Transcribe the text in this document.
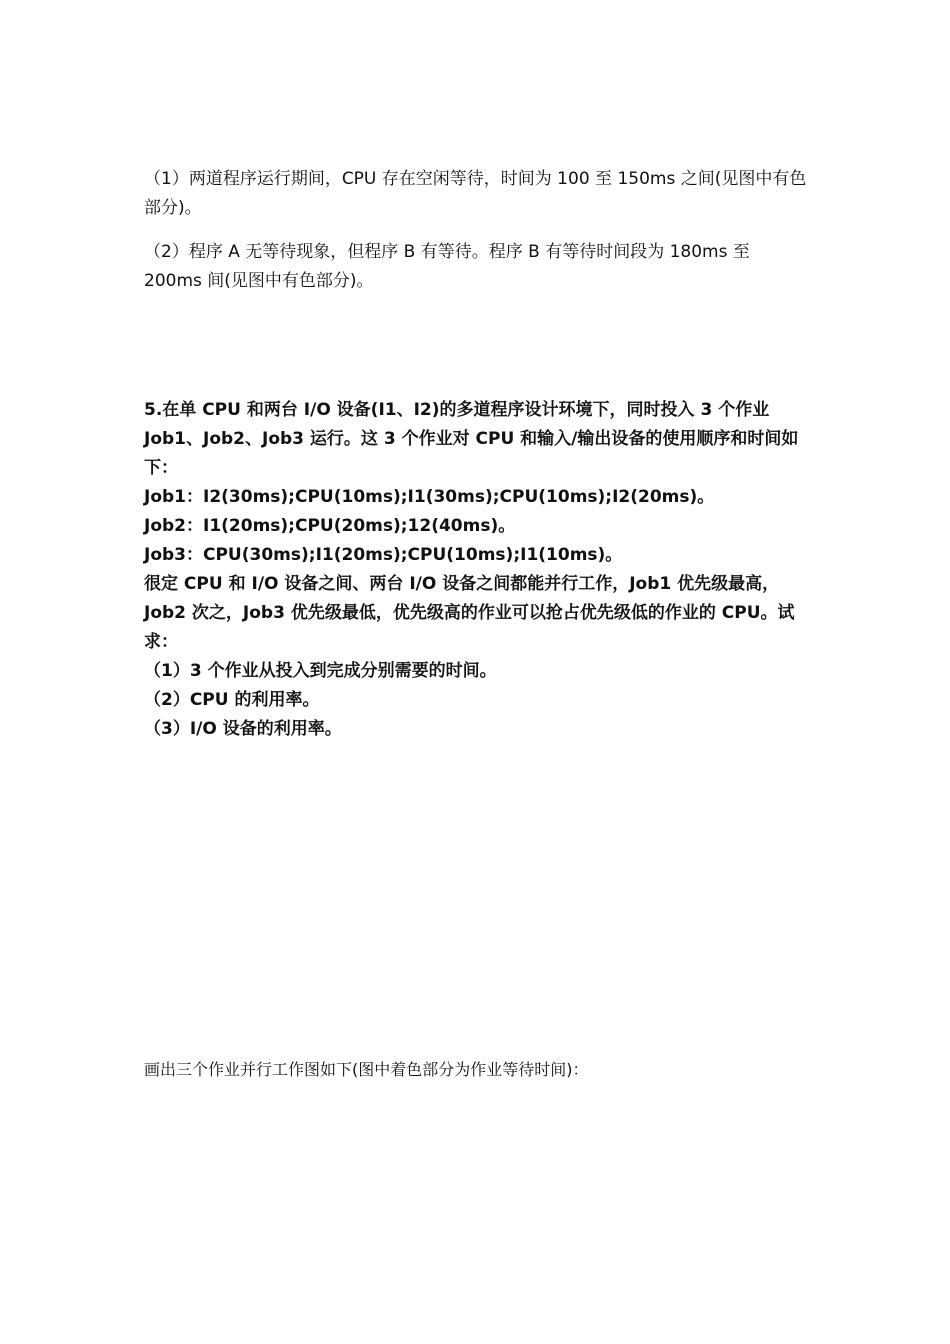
（1）两道程序运行期间，CPU 存在空闲等待，时间为 100 至 150ms 之间(见图中有色部分)。

（2）程序 A 无等待现象，但程序 B 有等待。程序 B 有等待时间段为 180ms 至 200ms 间(见图中有色部分)。

5.在单 CPU 和两台 I/O 设备(I1、I2)的多道程序设计环境下，同时投入 3 个作业 Job1、Job2、Job3 运行。这 3 个作业对 CPU 和输入/输出设备的使用顺序和时间如下：
Job1：I2(30ms);CPU(10ms);I1(30ms);CPU(10ms);I2(20ms)。
Job2：I1(20ms);CPU(20ms);12(40ms)。
Job3：CPU(30ms);I1(20ms);CPU(10ms);I1(10ms)。
很定 CPU 和 I/O 设备之间、两台 I/O 设备之间都能并行工作，Job1 优先级最高，Job2 次之，Job3 优先级最低，优先级高的作业可以抢占优先级低的作业的 CPU。试求：
（1）3 个作业从投入到完成分别需要的时间。
（2）CPU 的利用率。
（3）I/O 设备的利用率。
画出三个作业并行工作图如下(图中着色部分为作业等待时间)：
